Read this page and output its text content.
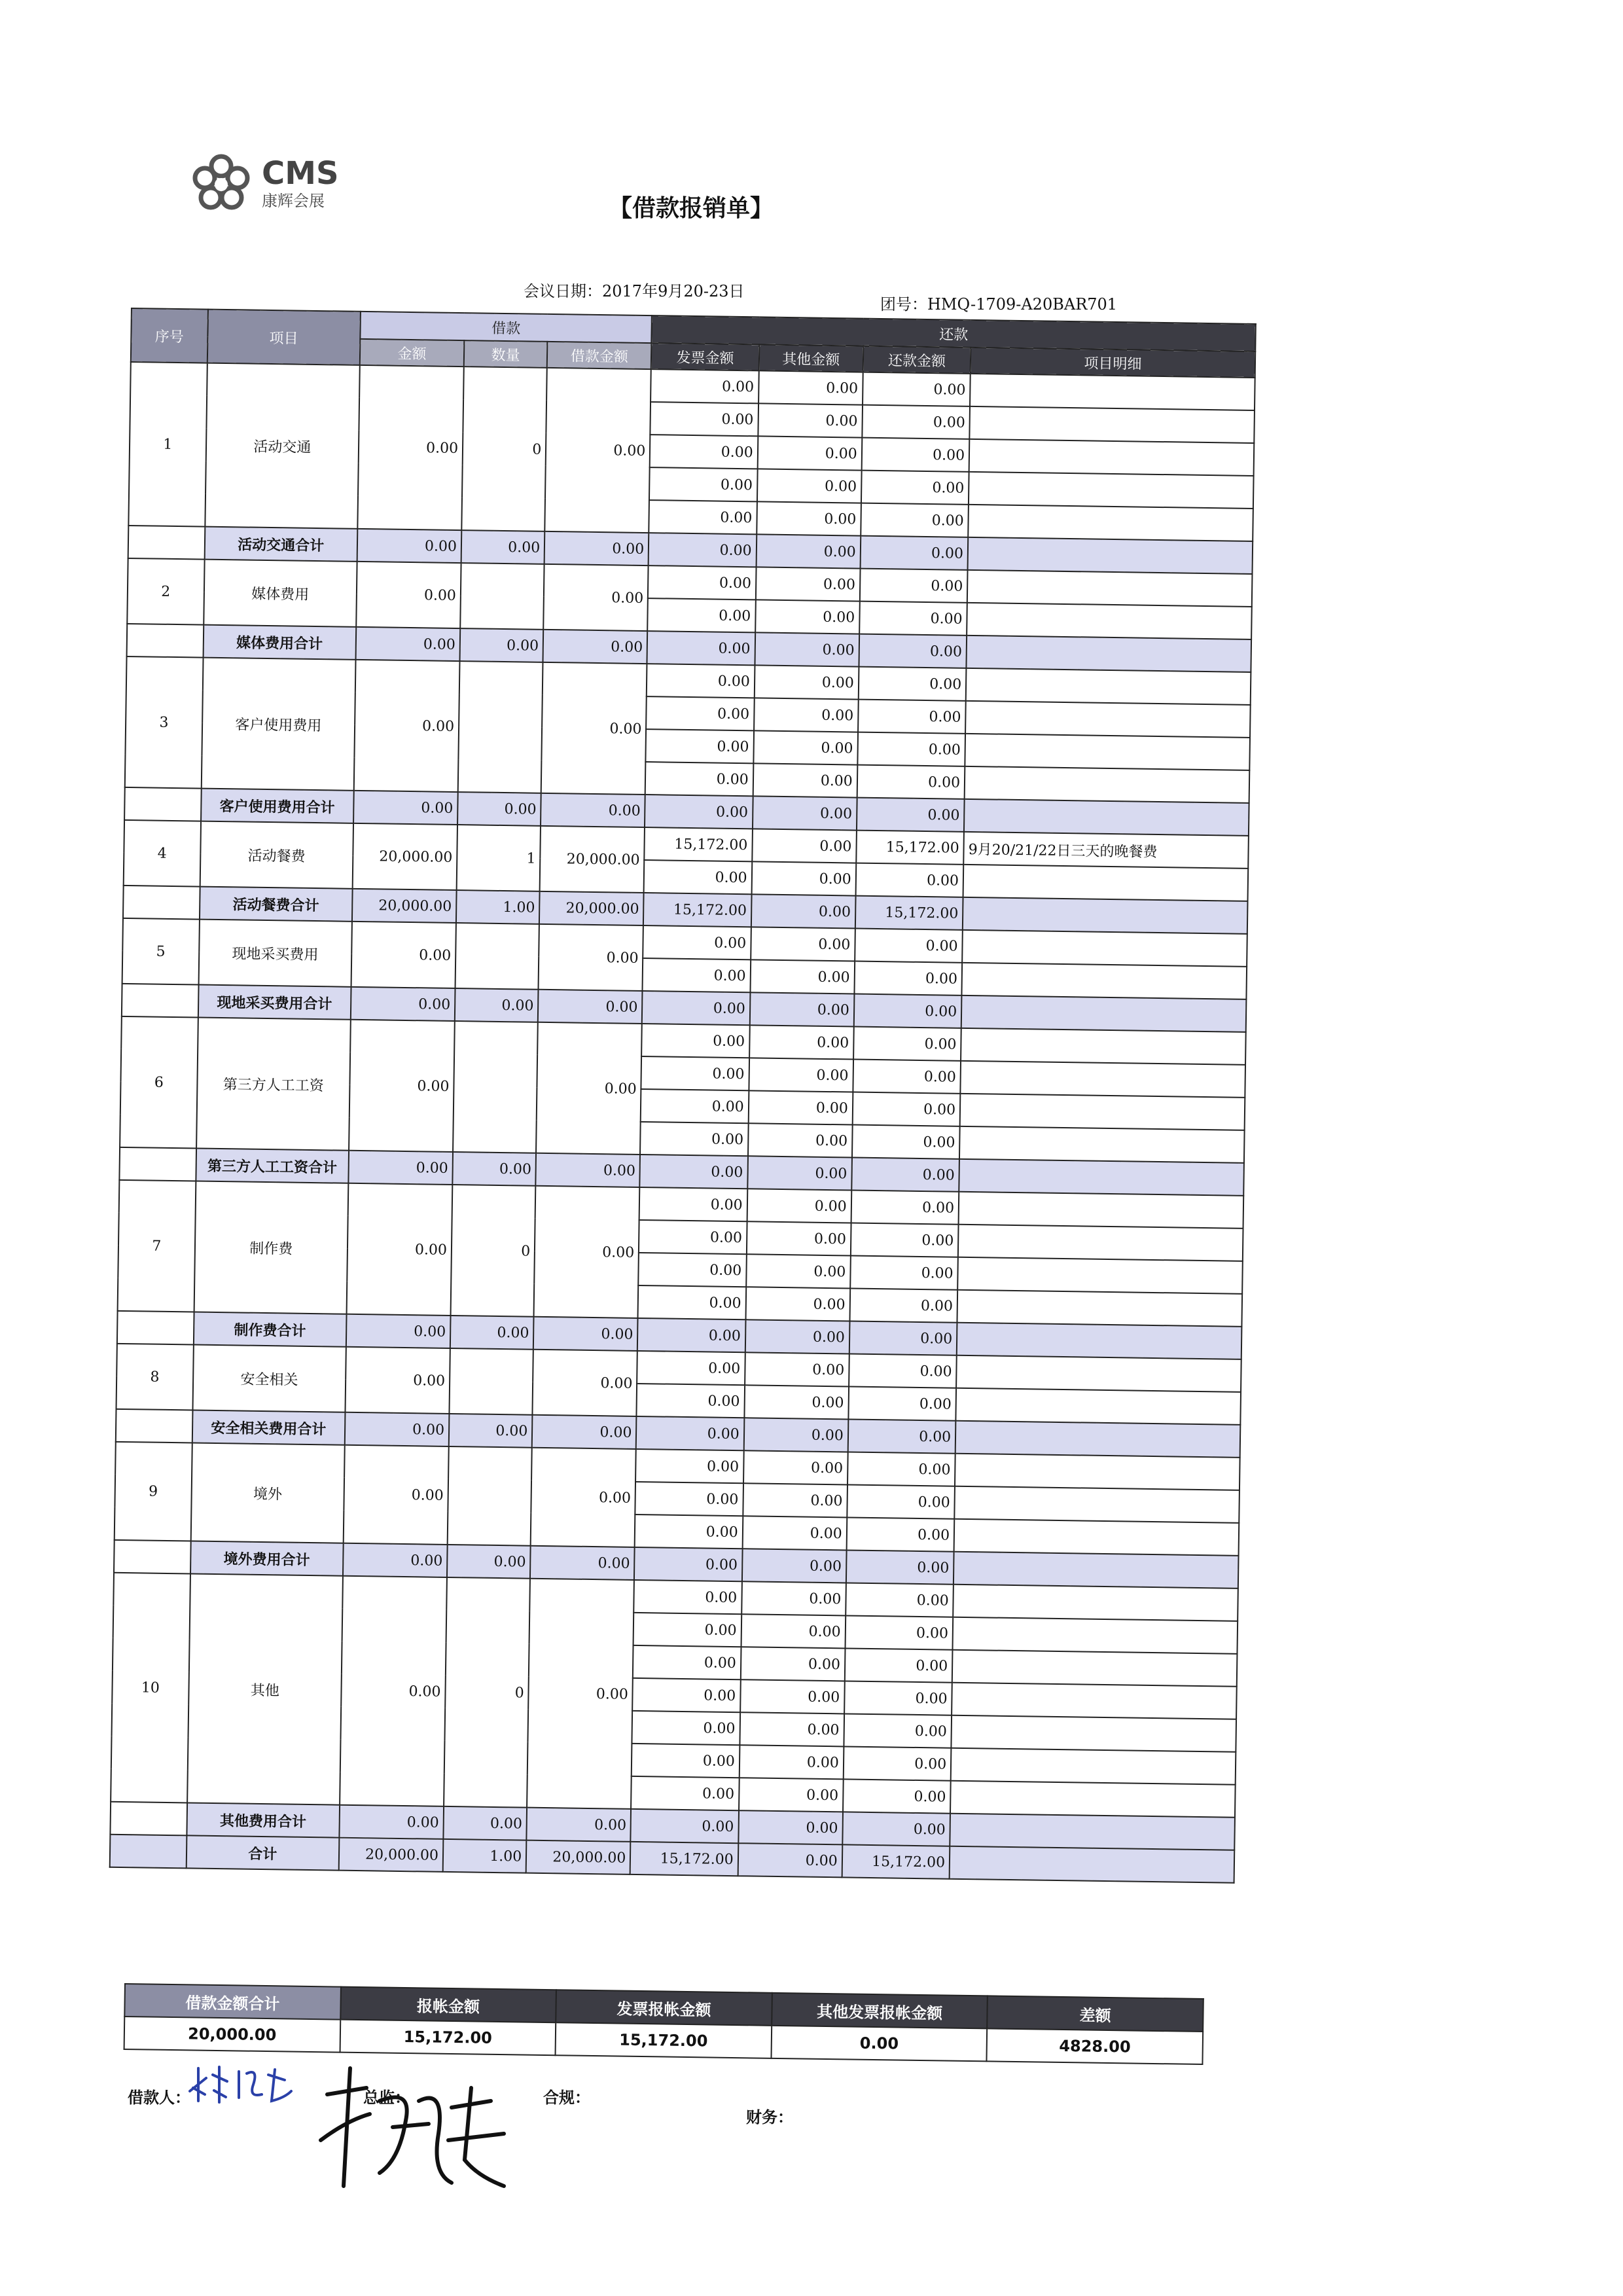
CMS
康辉会展	【借款报销单】
会议日期：2017年9月20-23日
团号：HMQ-1709-A20BAR701
序号	项目	借款			还款			
		金额	数量	借款金额	发票金额	其他金额	还款金额	项目明细
1	活动交通	0.00	0	0.00	0.00	0.00	0.00	
					0.00	0.00	0.00	
					0.00	0.00	0.00	
					0.00	0.00	0.00	
					0.00	0.00	0.00	
	活动交通合计	0.00	0.00	0.00	0.00	0.00	0.00	
2	媒体费用	0.00		0.00	0.00	0.00	0.00	
					0.00	0.00	0.00	
	媒体费用合计	0.00	0.00	0.00	0.00	0.00	0.00	
3	客户使用费用	0.00		0.00	0.00	0.00	0.00	
					0.00	0.00	0.00	
					0.00	0.00	0.00	
					0.00	0.00	0.00	
	客户使用费用合计	0.00	0.00	0.00	0.00	0.00	0.00	
4	活动餐费	20,000.00	1	20,000.00	15,172.00	0.00	15,172.00	9月20/21/22日三天的晚餐费
					0.00	0.00	0.00	
	活动餐费合计	20,000.00	1.00	20,000.00	15,172.00	0.00	15,172.00	
5	现地采买费用	0.00		0.00	0.00	0.00	0.00	
					0.00	0.00	0.00	
	现地采买费用合计	0.00	0.00	0.00	0.00	0.00	0.00	
6	第三方人工工资	0.00		0.00	0.00	0.00	0.00	
					0.00	0.00	0.00	
					0.00	0.00	0.00	
					0.00	0.00	0.00	
	第三方人工工资合计	0.00	0.00	0.00	0.00	0.00	0.00	
7	制作费	0.00	0	0.00	0.00	0.00	0.00	
					0.00	0.00	0.00	
					0.00	0.00	0.00	
					0.00	0.00	0.00	
	制作费合计	0.00	0.00	0.00	0.00	0.00	0.00	
8	安全相关	0.00		0.00	0.00	0.00	0.00	
					0.00	0.00	0.00	
	安全相关费用合计	0.00	0.00	0.00	0.00	0.00	0.00	
9	境外	0.00		0.00	0.00	0.00	0.00	
					0.00	0.00	0.00	
					0.00	0.00	0.00	
	境外费用合计	0.00	0.00	0.00	0.00	0.00	0.00	
10	其他	0.00	0	0.00	0.00	0.00	0.00	
					0.00	0.00	0.00	
					0.00	0.00	0.00	
					0.00	0.00	0.00	
					0.00	0.00	0.00	
					0.00	0.00	0.00	
					0.00	0.00	0.00	
	其他费用合计	0.00	0.00	0.00	0.00	0.00	0.00	
	合计	20,000.00	1.00	20,000.00	15,172.00	0.00	15,172.00	
借款金额合计	报帐金额	发票报帐金额	其他发票报帐金额	差额
20,000.00	15,172.00	15,172.00	0.00	4828.00
借款人：	总监：	合规：
财务：
